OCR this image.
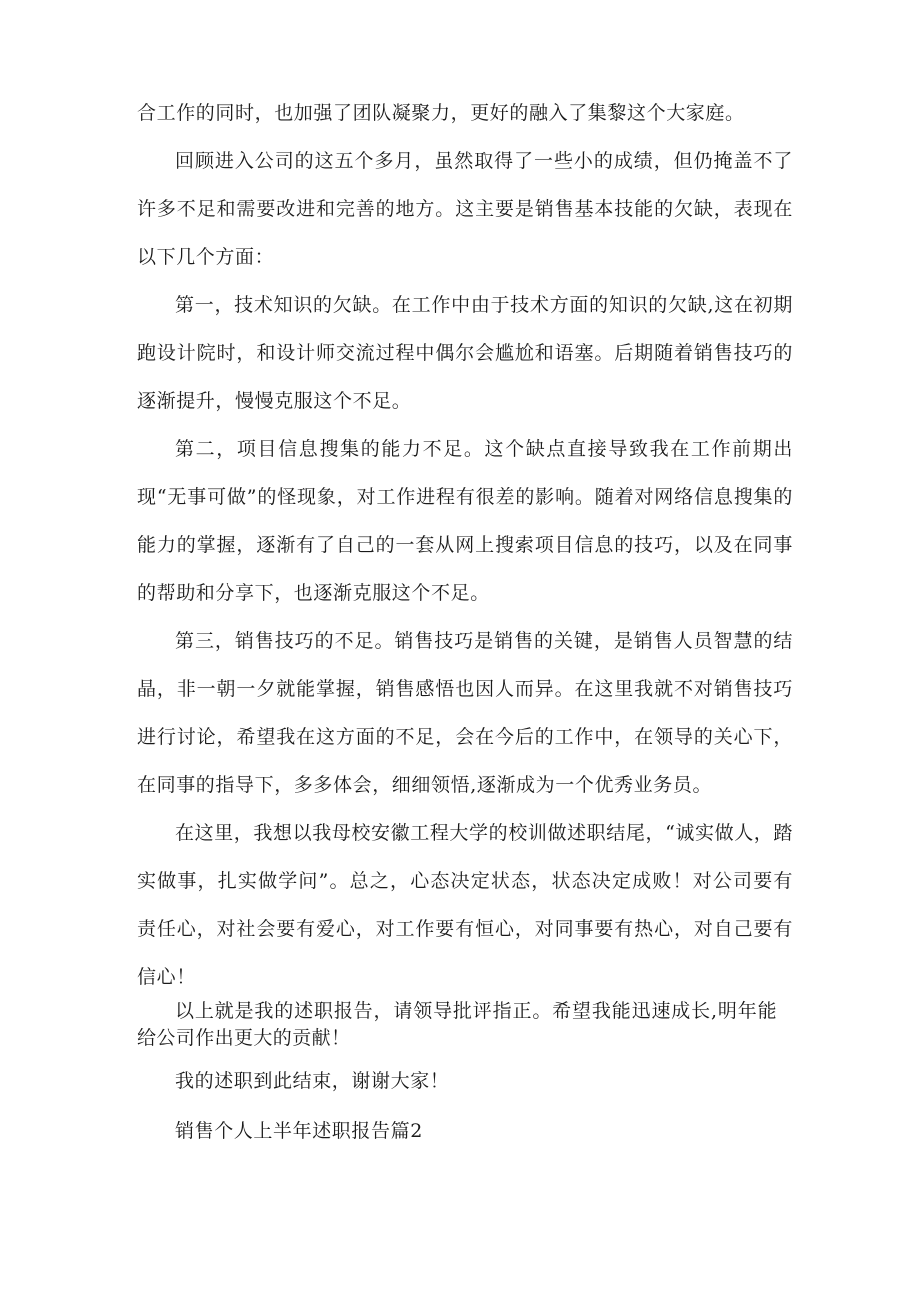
合工作的同时，也加强了团队凝聚力，更好的融入了集黎这个大家庭。

回顾进入公司的这五个多月，虽然取得了一些小的成绩，但仍掩盖不了许多不足和需要改进和完善的地方。这主要是销售基本技能的欠缺，表现在以下几个方面：

第一，技术知识的欠缺。在工作中由于技术方面的知识的欠缺,这在初期跑设计院时，和设计师交流过程中偶尔会尴尬和语塞。后期随着销售技巧的逐渐提升，慢慢克服这个不足。

第二，项目信息搜集的能力不足。这个缺点直接导致我在工作前期出现“无事可做”的怪现象，对工作进程有很差的影响。随着对网络信息搜集的能力的掌握，逐渐有了自己的一套从网上搜索项目信息的技巧，以及在同事的帮助和分享下，也逐渐克服这个不足。

第三，销售技巧的不足。销售技巧是销售的关键，是销售人员智慧的结晶，非一朝一夕就能掌握，销售感悟也因人而异。在这里我就不对销售技巧进行讨论，希望我在这方面的不足，会在今后的工作中，在领导的关心下，在同事的指导下，多多体会，细细领悟,逐渐成为一个优秀业务员。

在这里，我想以我母校安徽工程大学的校训做述职结尾，“诚实做人，踏实做事，扎实做学问”。总之，心态决定状态，状态决定成败！对公司要有责任心，对社会要有爱心，对工作要有恒心，对同事要有热心，对自己要有信心！

以上就是我的述职报告，请领导批评指正。希望我能迅速成长,明年能给公司作出更大的贡献！

我的述职到此结束，谢谢大家！

销售个人上半年述职报告篇2
